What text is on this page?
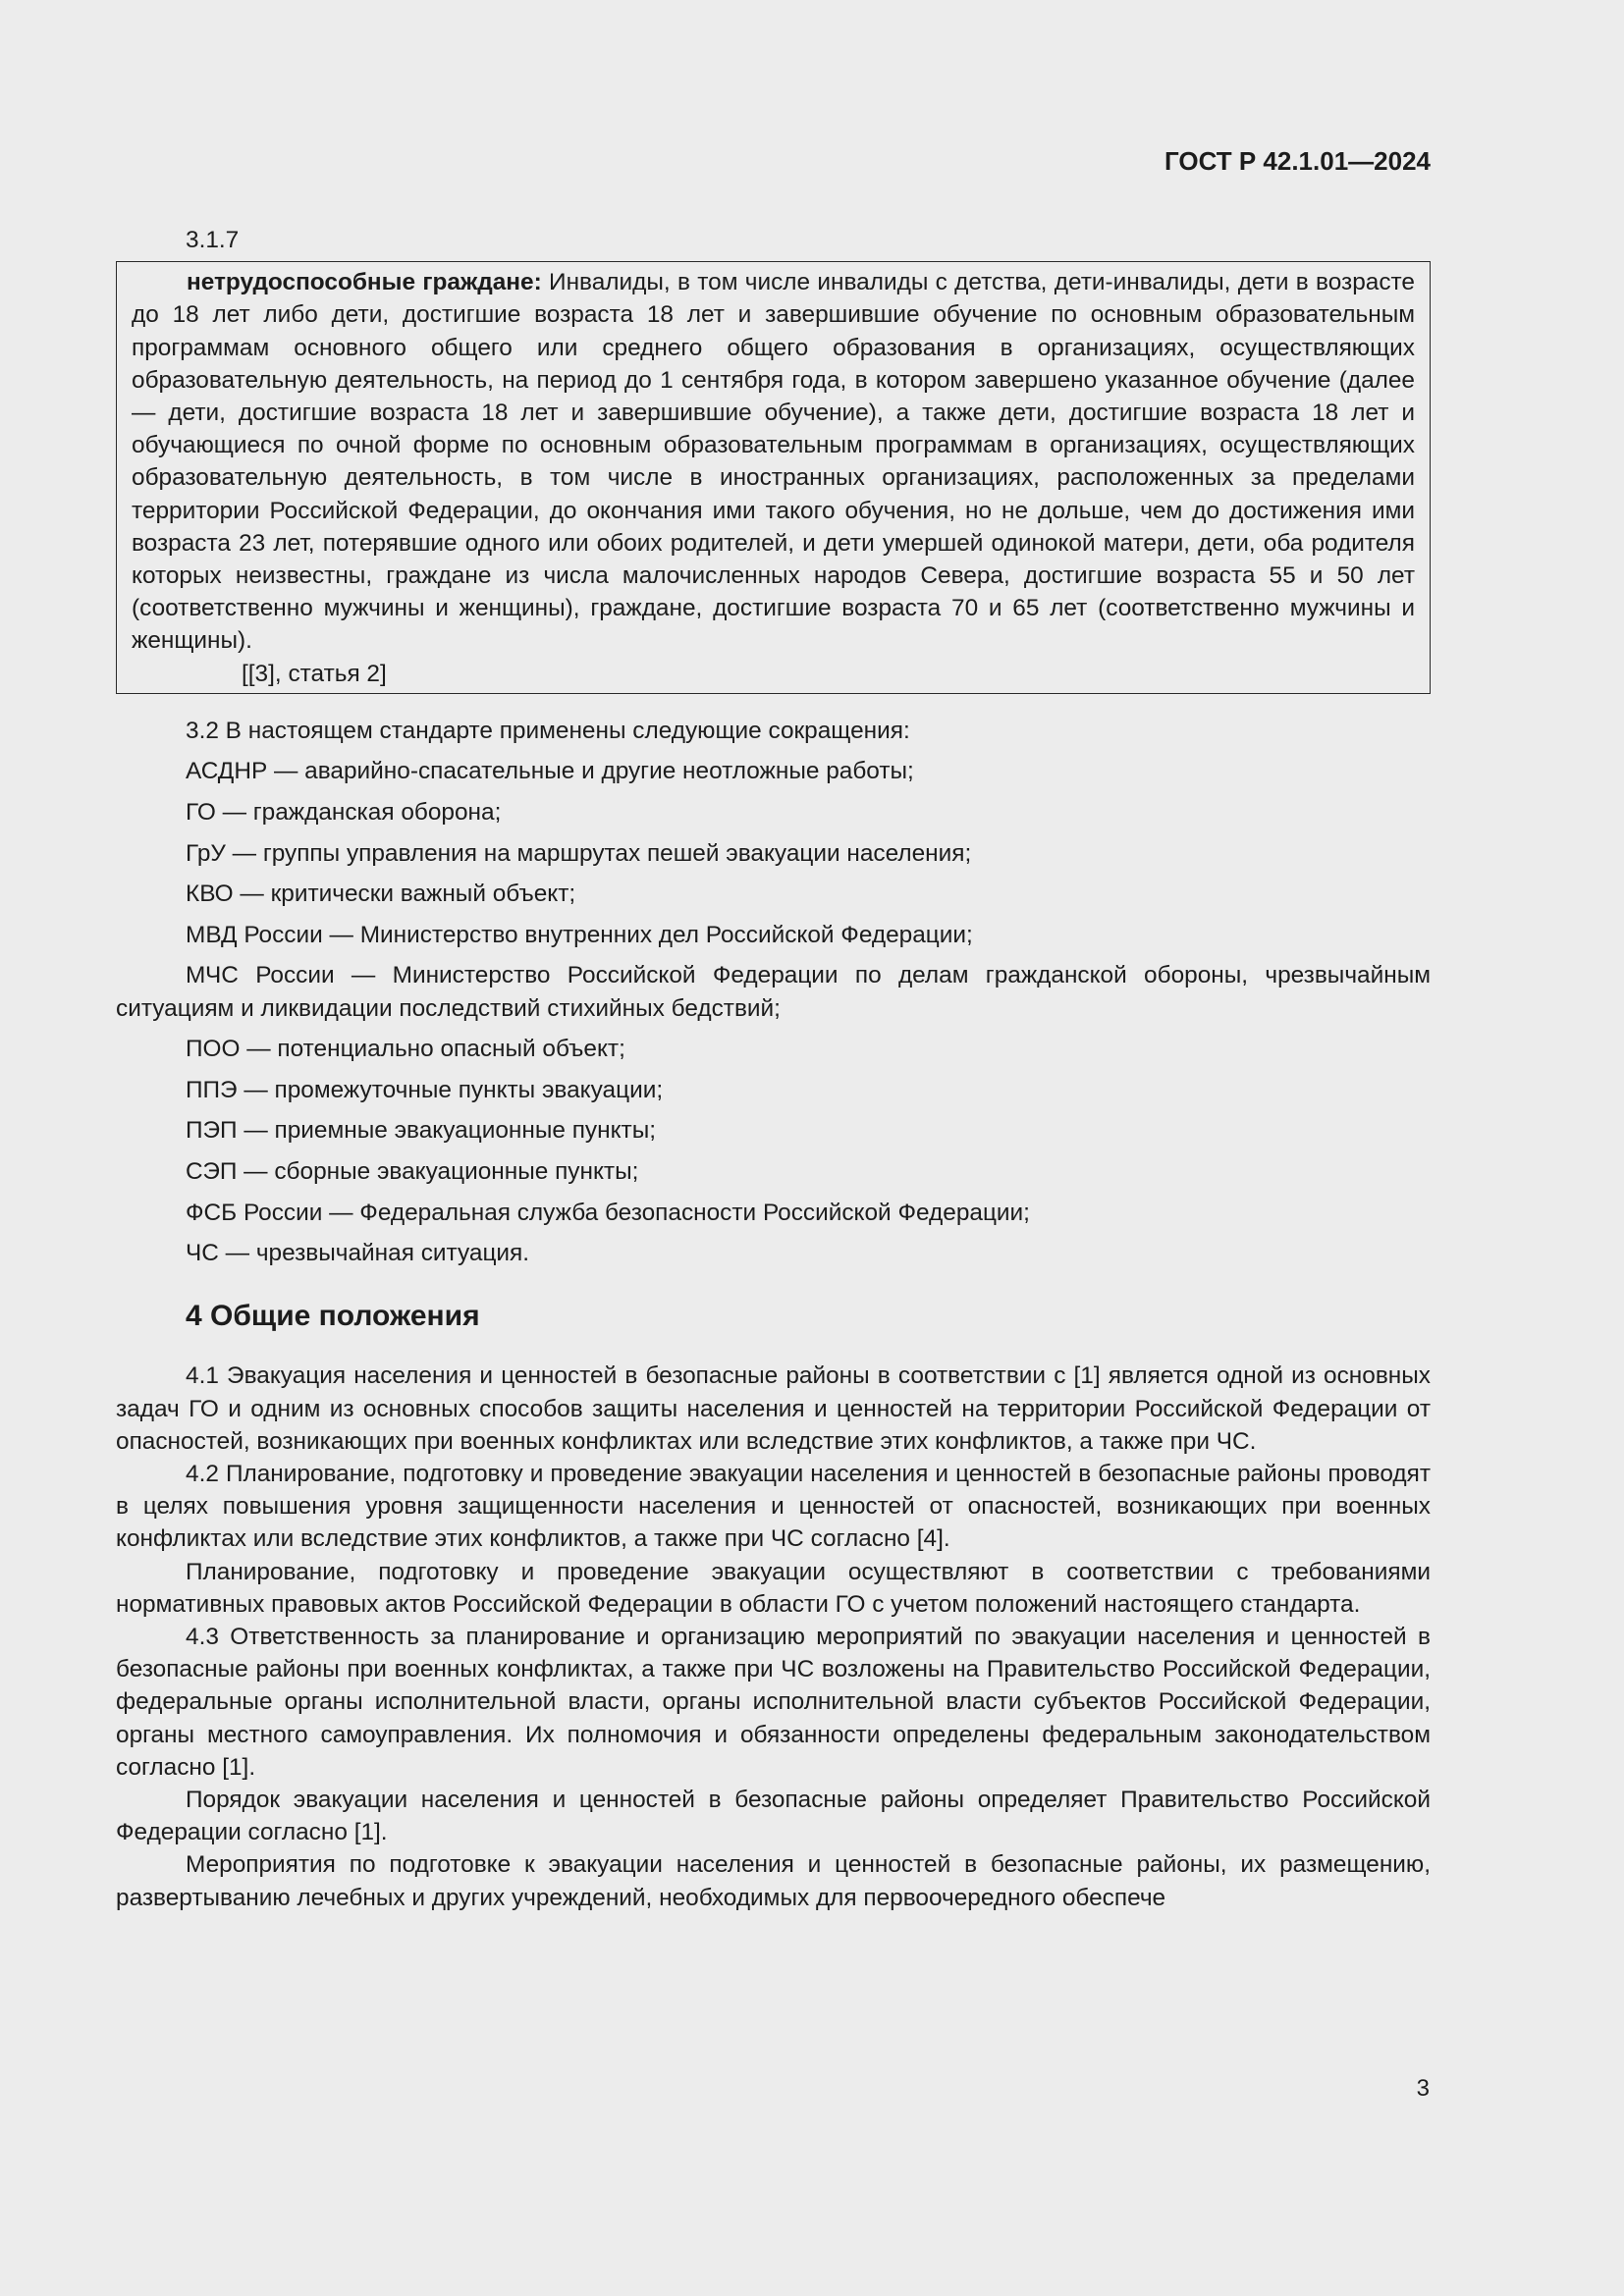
ГОСТ Р 42.1.01—2024
3.1.7

нетрудоспособные граждане: Инвалиды, в том числе инвалиды с детства, дети-инвалиды, дети в возрасте до 18 лет либо дети, достигшие возраста 18 лет и завершившие обучение по основным образовательным программам основного общего или среднего общего образования в организациях, осуществляющих образовательную деятельность, на период до 1 сентября года, в котором завершено указанное обучение (далее — дети, достигшие возраста 18 лет и завершившие обучение), а также дети, достигшие возраста 18 лет и обучающиеся по очной форме по основным образовательным программам в организациях, осуществляющих образовательную деятельность, в том числе в иностранных организациях, расположенных за пределами территории Российской Федерации, до окончания ими такого обучения, но не дольше, чем до достижения ими возраста 23 лет, потерявшие одного или обоих родителей, и дети умершей одинокой матери, дети, оба родителя которых неизвестны, граждане из числа малочисленных народов Севера, достигшие возраста 55 и 50 лет (соответственно мужчины и женщины), граждане, достигшие возраста 70 и 65 лет (соответственно мужчины и женщины).

[[3], статья 2]

3.2 В настоящем стандарте применены следующие сокращения:

АСДНР — аварийно-спасательные и другие неотложные работы;

ГО — гражданская оборона;

ГрУ — группы управления на маршрутах пешей эвакуации населения;

КВО — критически важный объект;

МВД России — Министерство внутренних дел Российской Федерации;

МЧС России — Министерство Российской Федерации по делам гражданской обороны, чрезвычайным ситуациям и ликвидации последствий стихийных бедствий;

ПОО — потенциально опасный объект;

ППЭ — промежуточные пункты эвакуации;

ПЭП — приемные эвакуационные пункты;

СЭП — сборные эвакуационные пункты;

ФСБ России — Федеральная служба безопасности Российской Федерации;

ЧС — чрезвычайная ситуация.

4 Общие положения

4.1 Эвакуация населения и ценностей в безопасные районы в соответствии с [1] является одной из основных задач ГО и одним из основных способов защиты населения и ценностей на территории Российской Федерации от опасностей, возникающих при военных конфликтах или вследствие этих конфликтов, а также при ЧС.

4.2 Планирование, подготовку и проведение эвакуации населения и ценностей в безопасные районы проводят в целях повышения уровня защищенности населения и ценностей от опасностей, возникающих при военных конфликтах или вследствие этих конфликтов, а также при ЧС согласно [4].

Планирование, подготовку и проведение эвакуации осуществляют в соответствии с требованиями нормативных правовых актов Российской Федерации в области ГО с учетом положений настоящего стандарта.

4.3 Ответственность за планирование и организацию мероприятий по эвакуации населения и ценностей в безопасные районы при военных конфликтах, а также при ЧС возложены на Правительство Российской Федерации, федеральные органы исполнительной власти, органы исполнительной власти субъектов Российской Федерации, органы местного самоуправления. Их полномочия и обязанности определены федеральным законодательством согласно [1].

Порядок эвакуации населения и ценностей в безопасные районы определяет Правительство Российской Федерации согласно [1].

Мероприятия по подготовке к эвакуации населения и ценностей в безопасные районы, их размещению, развертыванию лечебных и других учреждений, необходимых для первоочередного обеспече

3
